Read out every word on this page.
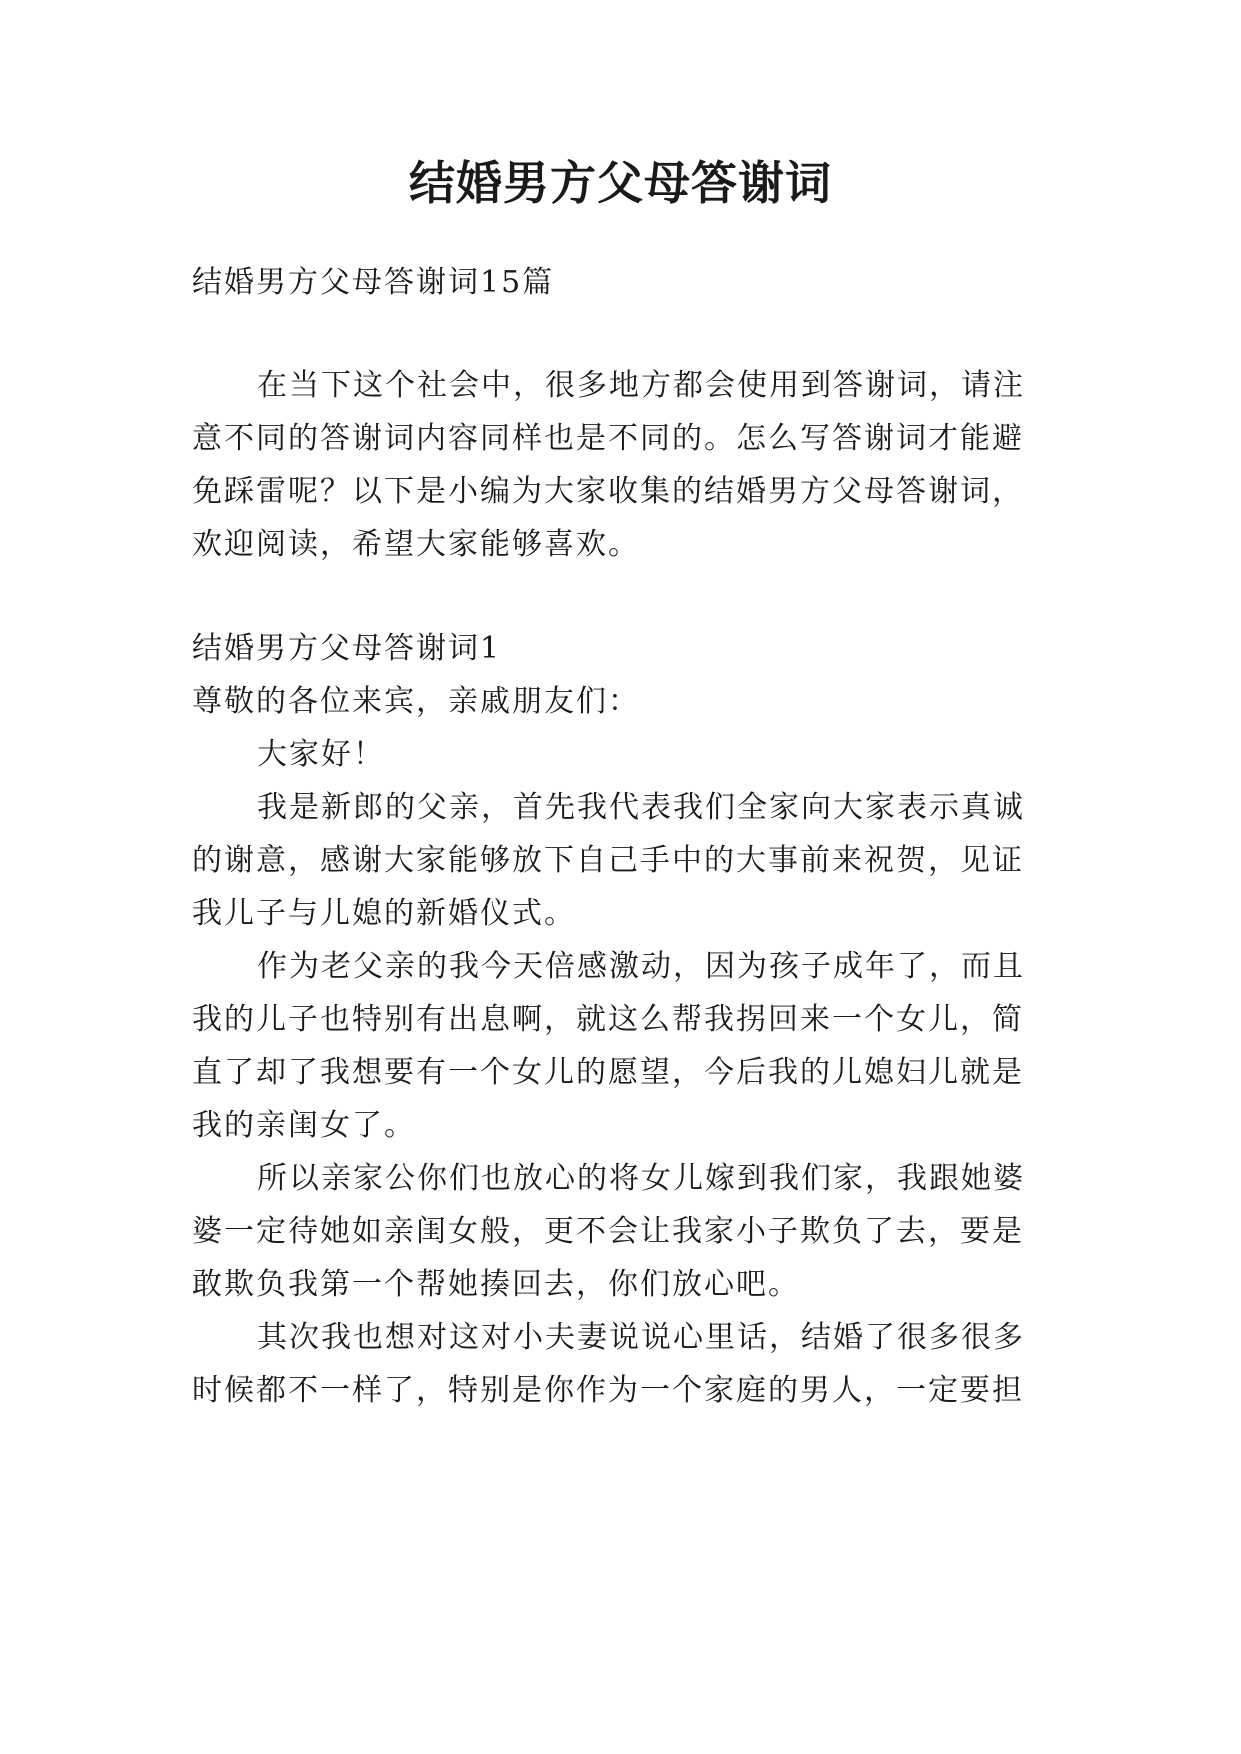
结婚男方父母答谢词
结婚男方父母答谢词15篇
在当下这个社会中，很多地方都会使用到答谢词，请注
意不同的答谢词内容同样也是不同的。怎么写答谢词才能避
免踩雷呢？以下是小编为大家收集的结婚男方父母答谢词，
欢迎阅读，希望大家能够喜欢。
结婚男方父母答谢词1
尊敬的各位来宾，亲戚朋友们：
大家好！
我是新郎的父亲，首先我代表我们全家向大家表示真诚
的谢意，感谢大家能够放下自己手中的大事前来祝贺，见证
我儿子与儿媳的新婚仪式。
作为老父亲的我今天倍感激动，因为孩子成年了，而且
我的儿子也特别有出息啊，就这么帮我拐回来一个女儿，简
直了却了我想要有一个女儿的愿望，今后我的儿媳妇儿就是
我的亲闺女了。
所以亲家公你们也放心的将女儿嫁到我们家，我跟她婆
婆一定待她如亲闺女般，更不会让我家小子欺负了去，要是
敢欺负我第一个帮她揍回去，你们放心吧。
其次我也想对这对小夫妻说说心里话，结婚了很多很多
时候都不一样了，特别是你作为一个家庭的男人，一定要担
